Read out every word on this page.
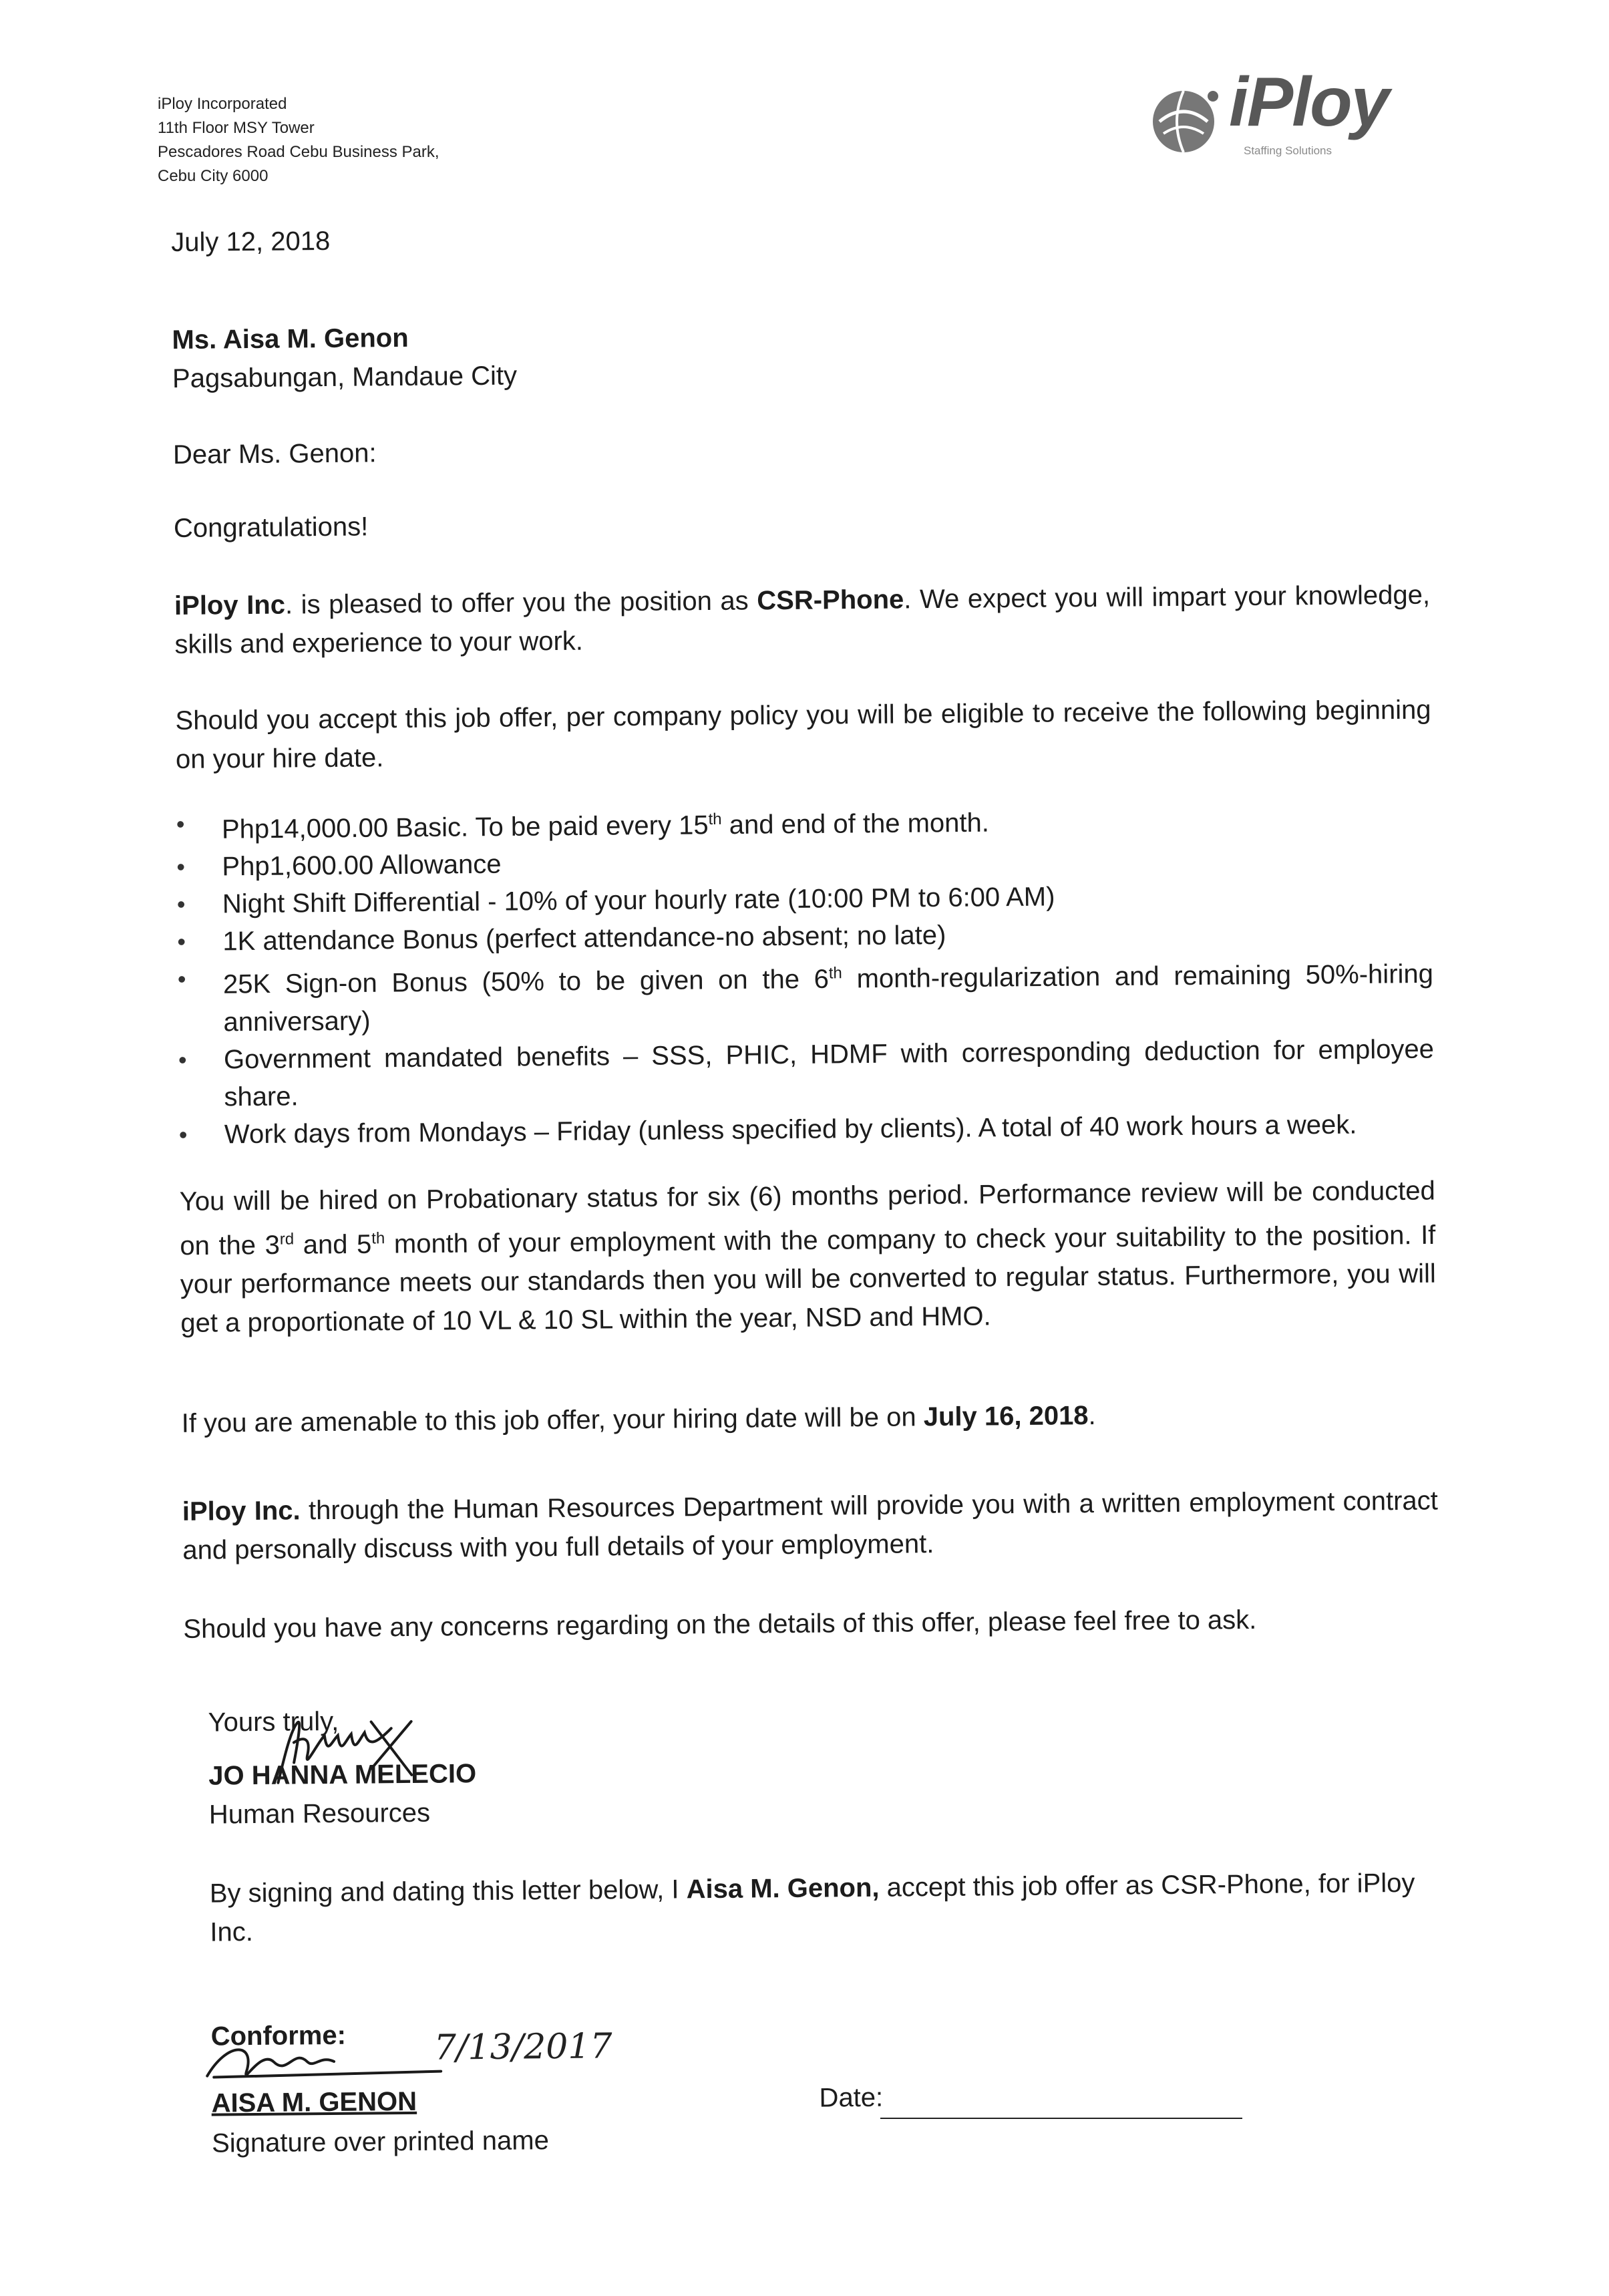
iPloy Incorporated
11th Floor MSY Tower
Pescadores Road Cebu Business Park,
Cebu City 6000
iPloy
Staffing Solutions
July 12, 2018
Ms. Aisa M. Genon
Pagsabungan, Mandaue City
Dear Ms. Genon:
Congratulations!
iPloy Inc. is pleased to offer you the position as CSR-Phone. We expect you will impart your knowledge, skills and experience to your work.
Should you accept this job offer, per company policy you will be eligible to receive the following beginning on your hire date.
• Php14,000.00 Basic. To be paid every 15th and end of the month.
• Php1,600.00 Allowance
• Night Shift Differential - 10% of your hourly rate (10:00 PM to 6:00 AM)
• 1K attendance Bonus (perfect attendance-no absent; no late)
• 25K Sign-on Bonus (50% to be given on the 6th month-regularization and remaining 50%-hiring anniversary)
• Government mandated benefits – SSS, PHIC, HDMF with corresponding deduction for employee share.
• Work days from Mondays – Friday (unless specified by clients). A total of 40 work hours a week.
You will be hired on Probationary status for six (6) months period. Performance review will be conducted on the 3rd and 5th month of your employment with the company to check your suitability to the position. If your performance meets our standards then you will be converted to regular status. Furthermore, you will get a proportionate of 10 VL & 10 SL within the year, NSD and HMO.
If you are amenable to this job offer, your hiring date will be on July 16, 2018.
iPloy Inc. through the Human Resources Department will provide you with a written employment contract and personally discuss with you full details of your employment.
Should you have any concerns regarding on the details of this offer, please feel free to ask.
Yours truly,
JO HANNA MELECIO
Human Resources
By signing and dating this letter below, I Aisa M. Genon, accept this job offer as CSR-Phone, for iPloy Inc.
Conforme:	7/13/2017
AISA M. GENON
Signature over printed name
Date:
